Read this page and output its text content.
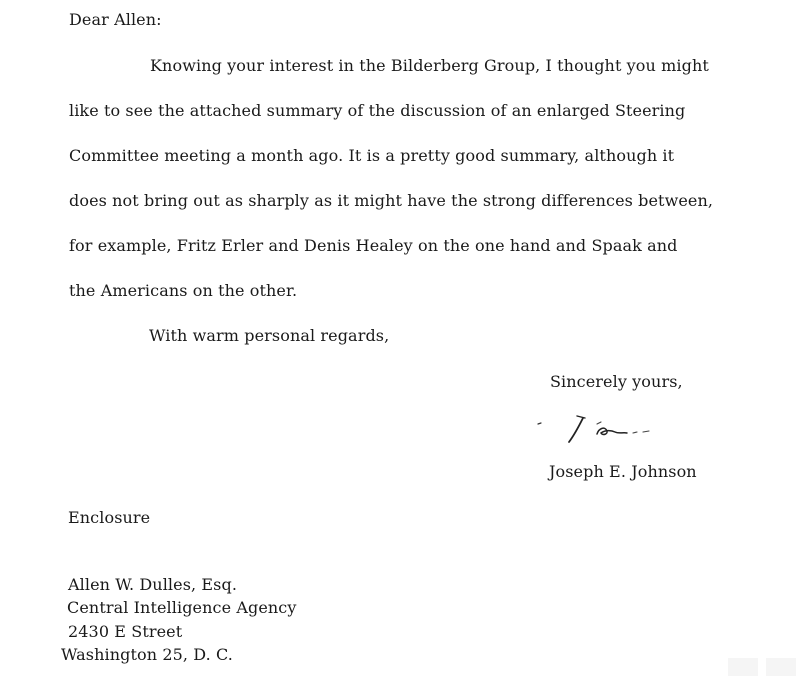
Dear Allen:
Knowing your interest in the Bilderberg Group, I thought you might
like to see the attached summary of the discussion of an enlarged Steering
Committee meeting a month ago. It is a pretty good summary, although it
does not bring out as sharply as it might have the strong differences between,
for example, Fritz Erler and Denis Healey on the one hand and Spaak and
the Americans on the other.
With warm personal regards,
Sincerely yours,
Joseph E. Johnson
Enclosure
Allen W. Dulles, Esq.
Central Intelligence Agency
2430 E Street
Washington 25, D. C.
